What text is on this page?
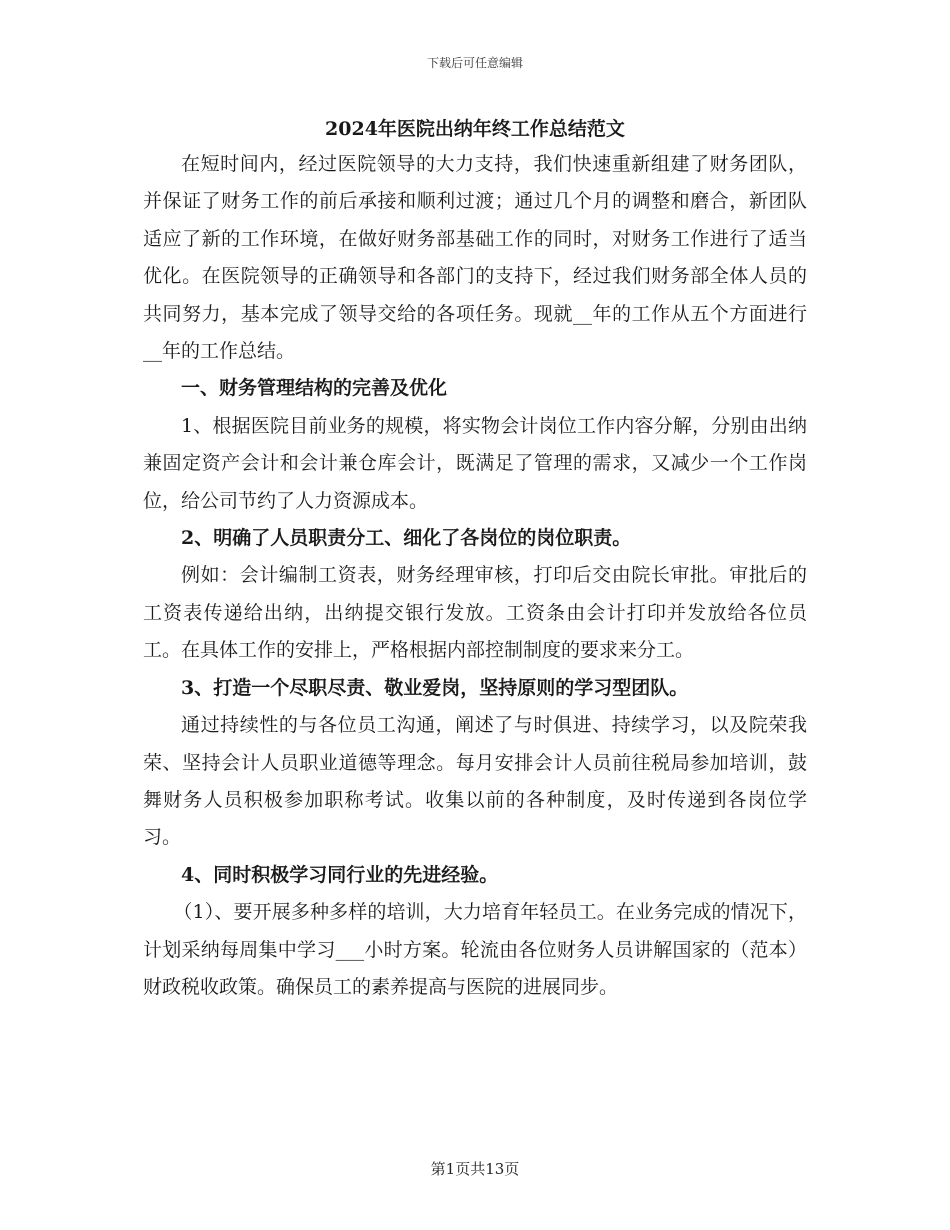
下载后可任意编辑
2024年医院出纳年终工作总结范文

在短时间内，经过医院领导的大力支持，我们快速重新组建了财务团队，并保证了财务工作的前后承接和顺利过渡；通过几个月的调整和磨合，新团队适应了新的工作环境，在做好财务部基础工作的同时，对财务工作进行了适当优化。在医院领导的正确领导和各部门的支持下，经过我们财务部全体人员的共同努力，基本完成了领导交给的各项任务。现就__年的工作从五个方面进行__年的工作总结。

一、财务管理结构的完善及优化

1、根据医院目前业务的规模，将实物会计岗位工作内容分解，分别由出纳兼固定资产会计和会计兼仓库会计，既满足了管理的需求，又减少一个工作岗位，给公司节约了人力资源成本。

2、明确了人员职责分工、细化了各岗位的岗位职责。

例如：会计编制工资表，财务经理审核，打印后交由院长审批。审批后的工资表传递给出纳，出纳提交银行发放。工资条由会计打印并发放给各位员工。在具体工作的安排上，严格根据内部控制制度的要求来分工。

3、打造一个尽职尽责、敬业爱岗，坚持原则的学习型团队。

通过持续性的与各位员工沟通，阐述了与时俱进、持续学习，以及院荣我荣、坚持会计人员职业道德等理念。每月安排会计人员前往税局参加培训，鼓舞财务人员积极参加职称考试。收集以前的各种制度，及时传递到各岗位学习。

4、同时积极学习同行业的先进经验。

（1）、要开展多种多样的培训，大力培育年轻员工。在业务完成的情况下，计划采纳每周集中学习___小时方案。轮流由各位财务人员讲解国家的（范本）财政税收政策。确保员工的素养提高与医院的进展同步。

第1页共13页
